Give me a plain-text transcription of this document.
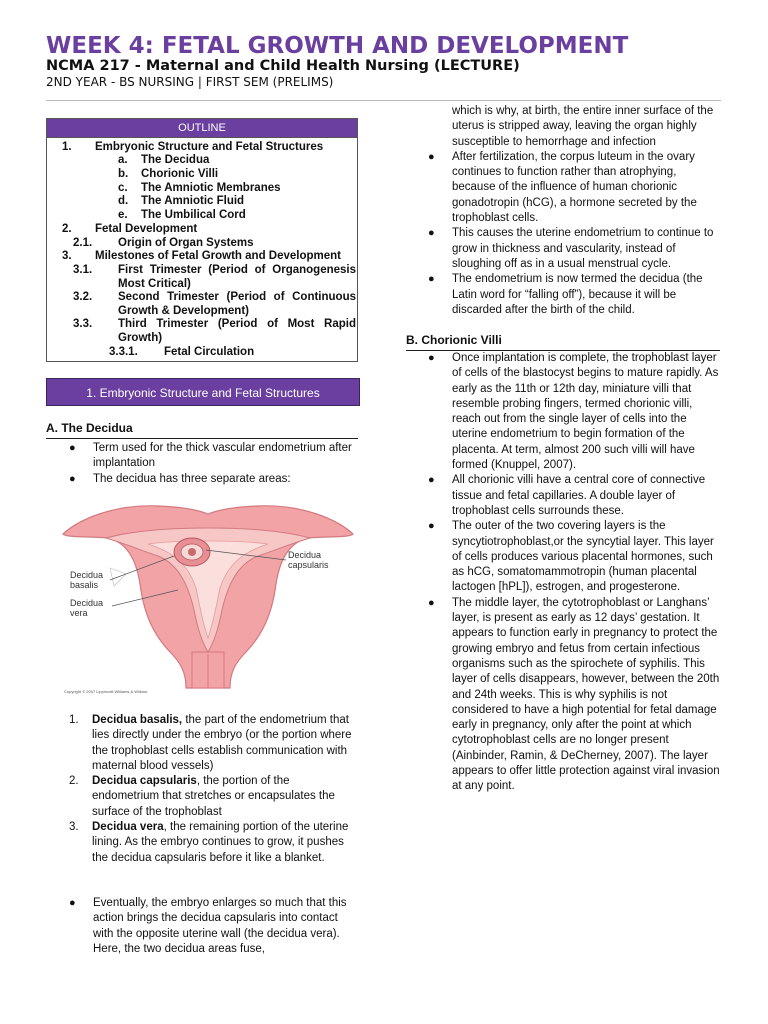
WEEK 4: FETAL GROWTH AND DEVELOPMENT
NCMA 217 - Maternal and Child Health Nursing (LECTURE)
2ND YEAR - BS NURSING | FIRST SEM (PRELIMS)
OUTLINE
1. Embryonic Structure and Fetal Structures
a. The Decidua
b. Chorionic Villi
c. The Amniotic Membranes
d. The Amniotic Fluid
e. The Umbilical Cord
2. Fetal Development
2.1. Origin of Organ Systems
3. Milestones of Fetal Growth and Development
3.1. First Trimester (Period of Organogenesis Most Critical)
3.2. Second Trimester (Period of Continuous Growth & Development)
3.3. Third Trimester (Period of Most Rapid Growth)
3.3.1. Fetal Circulation
1. Embryonic Structure and Fetal Structures
A. The Decidua
● Term used for the thick vascular endometrium after implantation
● The decidua has three separate areas:
Decidua
capsularis
Decidua
basalis
Decidua
vera
Copyright © 2007 Lippincott Williams & Wilkins.
1. Decidua basalis, the part of the endometrium that lies directly under the embryo (or the portion where the trophoblast cells establish communication with maternal blood vessels)
2. Decidua capsularis, the portion of the endometrium that stretches or encapsulates the surface of the trophoblast
3. Decidua vera, the remaining portion of the uterine lining. As the embryo continues to grow, it pushes the decidua capsularis before it like a blanket.
● Eventually, the embryo enlarges so much that this action brings the decidua capsularis into contact with the opposite uterine wall (the decidua vera). Here, the two decidua areas fuse,
which is why, at birth, the entire inner surface of the uterus is stripped away, leaving the organ highly susceptible to hemorrhage and infection
● After fertilization, the corpus luteum in the ovary continues to function rather than atrophying, because of the influence of human chorionic gonadotropin (hCG), a hormone secreted by the trophoblast cells.
● This causes the uterine endometrium to continue to grow in thickness and vascularity, instead of sloughing off as in a usual menstrual cycle.
● The endometrium is now termed the decidua (the Latin word for “falling off”), because it will be discarded after the birth of the child.
B. Chorionic Villi
● Once implantation is complete, the trophoblast layer of cells of the blastocyst begins to mature rapidly. As early as the 11th or 12th day, miniature villi that resemble probing fingers, termed chorionic villi, reach out from the single layer of cells into the uterine endometrium to begin formation of the placenta. At term, almost 200 such villi will have formed (Knuppel, 2007).
● All chorionic villi have a central core of connective tissue and fetal capillaries. A double layer of trophoblast cells surrounds these.
● The outer of the two covering layers is the syncytiotrophoblast,or the syncytial layer. This layer of cells produces various placental hormones, such as hCG, somatomammotropin (human placental lactogen [hPL]), estrogen, and progesterone.
● The middle layer, the cytotrophoblast or Langhans’ layer, is present as early as 12 days’ gestation. It appears to function early in pregnancy to protect the growing embryo and fetus from certain infectious organisms such as the spirochete of syphilis. This layer of cells disappears, however, between the 20th and 24th weeks. This is why syphilis is not considered to have a high potential for fetal damage early in pregnancy, only after the point at which cytotrophoblast cells are no longer present (Ainbinder, Ramin, & DeCherney, 2007). The layer appears to offer little protection against viral invasion at any point.
